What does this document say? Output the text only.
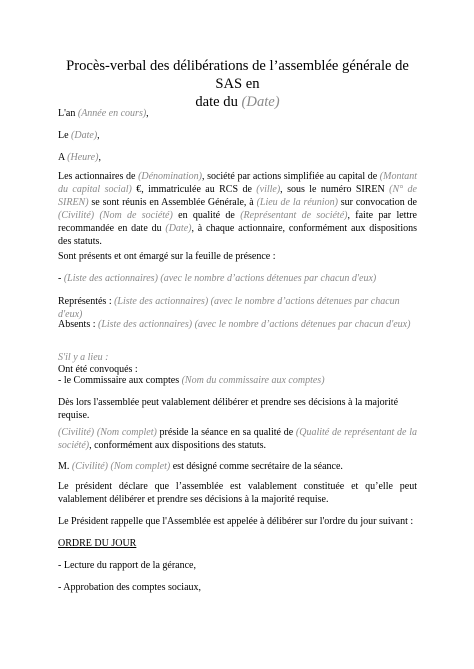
Procès-verbal des délibérations de l’assemblée générale de SAS en
date du (Date)

L'an (Année en cours),

Le (Date),

A (Heure),

Les actionnaires de (Dénomination), société par actions simplifiée au capital de (Montant du capital social) €, immatriculée au RCS de (ville), sous le numéro SIREN (N° de SIREN) se sont réunis en Assemblée Générale, à (Lieu de la réunion) sur convocation de (Civilité) (Nom de société) en qualité de (Représentant de société), faite par lettre recommandée en date du (Date), à chaque actionnaire, conformément aux dispositions des statuts.

Sont présents et ont émargé sur la feuille de présence :

- (Liste des actionnaires) (avec le nombre d’actions détenues par chacun d'eux)

Représentés : (Liste des actionnaires) (avec le nombre d’actions détenues par chacun d'eux)

Absents : (Liste des actionnaires) (avec le nombre d’actions détenues par chacun d'eux)

S'il y a lieu :

Ont été convoqués :

- le Commissaire aux comptes (Nom du commissaire aux comptes)

Dès lors l'assemblée peut valablement délibérer et prendre ses décisions à la majorité requise.

(Civilité) (Nom complet) préside la séance en sa qualité de (Qualité de représentant de la société), conformément aux dispositions des statuts.

M. (Civilité) (Nom complet) est désigné comme secrétaire de la séance.

Le président déclare que l’assemblée est valablement constituée et qu’elle peut valablement délibérer et prendre ses décisions à la majorité requise.

Le Président rappelle que l'Assemblée est appelée à délibérer sur l'ordre du jour suivant :

ORDRE DU JOUR

- Lecture du rapport de la gérance,

- Approbation des comptes sociaux,
